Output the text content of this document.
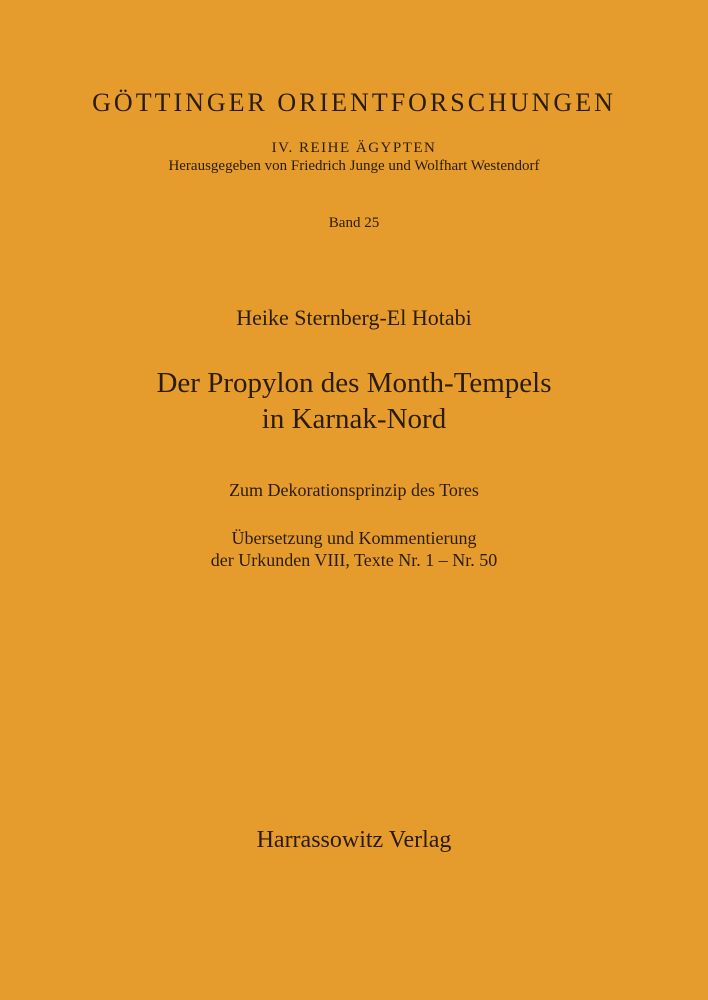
GÖTTINGER ORIENTFORSCHUNGEN
IV. REIHE ÄGYPTEN
Herausgegeben von Friedrich Junge und Wolfhart Westendorf
Band 25
Heike Sternberg-El Hotabi
Der Propylon des Month-Tempels
in Karnak-Nord
Zum Dekorationsprinzip des Tores
Übersetzung und Kommentierung
der Urkunden VIII, Texte Nr. 1 – Nr. 50
Harrassowitz Verlag
